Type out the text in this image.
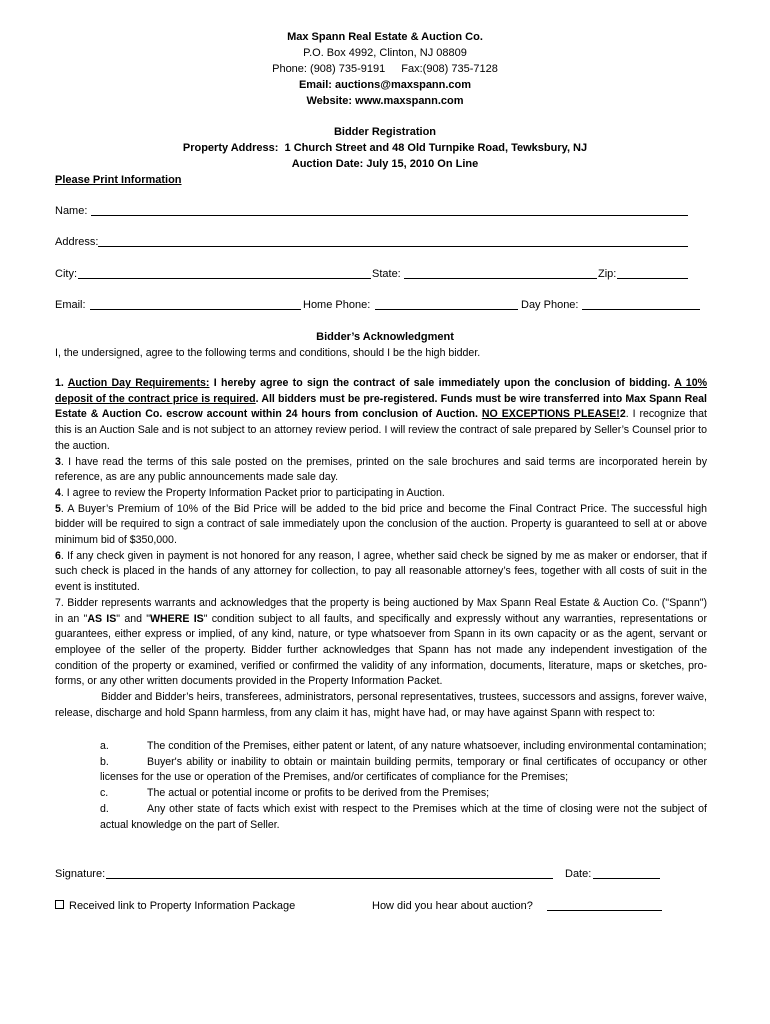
Max Spann Real Estate & Auction Co.
P.O. Box 4992, Clinton, NJ 08809
Phone: (908) 735-9191 Fax:(908) 735-7128
Email: auctions@maxspann.com
Website: www.maxspann.com
Bidder Registration
Property Address: 1 Church Street and 48 Old Turnpike Road, Tewksbury, NJ
Auction Date: July 15, 2010 On Line
Please Print Information
Name:
Address:
City:	State:	Zip:
Email:	Home Phone:	Day Phone:
Bidder’s Acknowledgment
I, the undersigned, agree to the following terms and conditions, should I be the high bidder.
1. Auction Day Requirements: I hereby agree to sign the contract of sale immediately upon the conclusion of bidding. A 10% deposit of the contract price is required. All bidders must be pre-registered. Funds must be wire transferred into Max Spann Real Estate & Auction Co. escrow account within 24 hours from conclusion of Auction. NO EXCEPTIONS PLEASE!2. I recognize that this is an Auction Sale and is not subject to an attorney review period. I will review the contract of sale prepared by Seller’s Counsel prior to the auction.
3. I have read the terms of this sale posted on the premises, printed on the sale brochures and said terms are incorporated herein by reference, as are any public announcements made sale day.
4. I agree to review the Property Information Packet prior to participating in Auction.
5. A Buyer’s Premium of 10% of the Bid Price will be added to the bid price and become the Final Contract Price. The successful high bidder will be required to sign a contract of sale immediately upon the conclusion of the auction. Property is guaranteed to sell at or above minimum bid of $350,000.
6. If any check given in payment is not honored for any reason, I agree, whether said check be signed by me as maker or endorser, that if such check is placed in the hands of any attorney for collection, to pay all reasonable attorney’s fees, together with all costs of suit in the event is instituted.
7. Bidder represents warrants and acknowledges that the property is being auctioned by Max Spann Real Estate & Auction Co. ("Spann") in an "AS IS" and "WHERE IS" condition subject to all faults, and specifically and expressly without any warranties, representations or guarantees, either express or implied, of any kind, nature, or type whatsoever from Spann in its own capacity or as the agent, servant or employee of the seller of the property. Bidder further acknowledges that Spann has not made any independent investigation of the condition of the property or examined, verified or confirmed the validity of any information, documents, literature, maps or sketches, pro-forms, or any other written documents provided in the Property Information Packet.
Bidder and Bidder’s heirs, transferees, administrators, personal representatives, trustees, successors and assigns, forever waive, release, discharge and hold Spann harmless, from any claim it has, might have had, or may have against Spann with respect to:
a.	The condition of the Premises, either patent or latent, of any nature whatsoever, including environmental contamination;
b.	Buyer's ability or inability to obtain or maintain building permits, temporary or final certificates of occupancy or other licenses for the use or operation of the Premises, and/or certificates of compliance for the Premises;
c.	The actual or potential income or profits to be derived from the Premises;
d.	Any other state of facts which exist with respect to the Premises which at the time of closing were not the subject of actual knowledge on the part of Seller.
Signature:	Date:
Received link to Property Information Package	How did you hear about auction?
